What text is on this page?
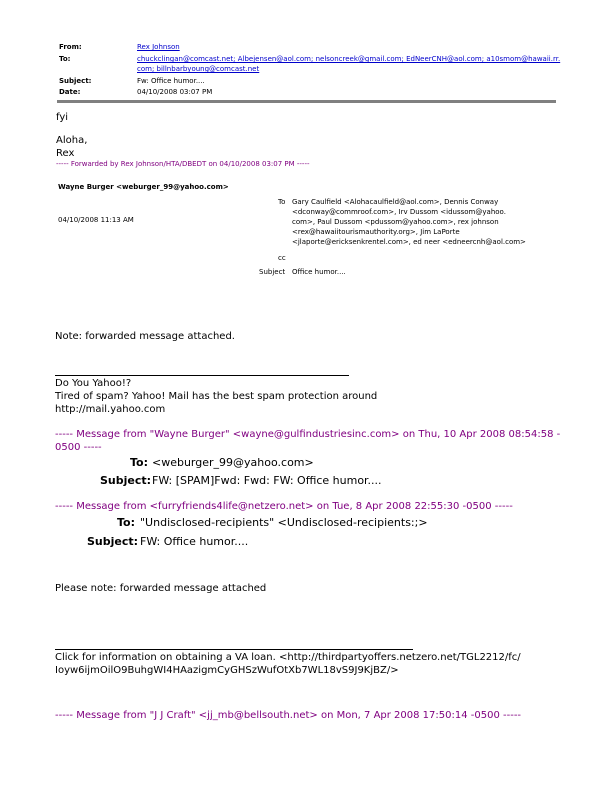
From:	Rex Johnson
To:	chuckclingan@comcast.net; Albejensen@aol.com; nelsoncreek@gmail.com; EdNeerCNH@aol.com; a10smom@hawaii.rr.
com; billnbarbyoung@comcast.net
Subject:	Fw: Office humor....
Date:	04/10/2008 03:07 PM
fyi
Aloha,
Rex
----- Forwarded by Rex Johnson/HTA/DBEDT on 04/10/2008 03:07 PM -----
Wayne Burger <weburger_99@yahoo.com>
04/10/2008 11:13 AM
To Gary Caulfield <Alohacaulfield@aol.com>, Dennis Conway
<dconway@commroof.com>, Irv Dussom <idussom@yahoo.
com>, Paul Dussom <pdussom@yahoo.com>, rex johnson
<rex@hawaiitourismauthority.org>, Jim LaPorte
<jlaporte@ericksenkrentel.com>, ed neer <edneercnh@aol.com>
cc
Subject Office humor....
Note: forwarded message attached.
Do You Yahoo!?
Tired of spam? Yahoo! Mail has the best spam protection around
http://mail.yahoo.com
----- Message from "Wayne Burger" <wayne@gulfindustriesinc.com> on Thu, 10 Apr 2008 08:54:58 -
0500 -----
To: <weburger_99@yahoo.com>
Subject: FW: [SPAM]Fwd: Fwd: FW: Office humor....
----- Message from <furryfriends4life@netzero.net> on Tue, 8 Apr 2008 22:55:30 -0500 -----
To: "Undisclosed-recipients" <Undisclosed-recipients:;>
Subject: FW: Office humor....
Please note: forwarded message attached
Click for information on obtaining a VA loan. <http://thirdpartyoffers.netzero.net/TGL2212/fc/
Ioyw6ijmOilO9BuhgWI4HAazigmCyGHSzWufOtXb7WL18vS9J9KjBZ/>
----- Message from "J J Craft" <jj_mb@bellsouth.net> on Mon, 7 Apr 2008 17:50:14 -0500 -----
